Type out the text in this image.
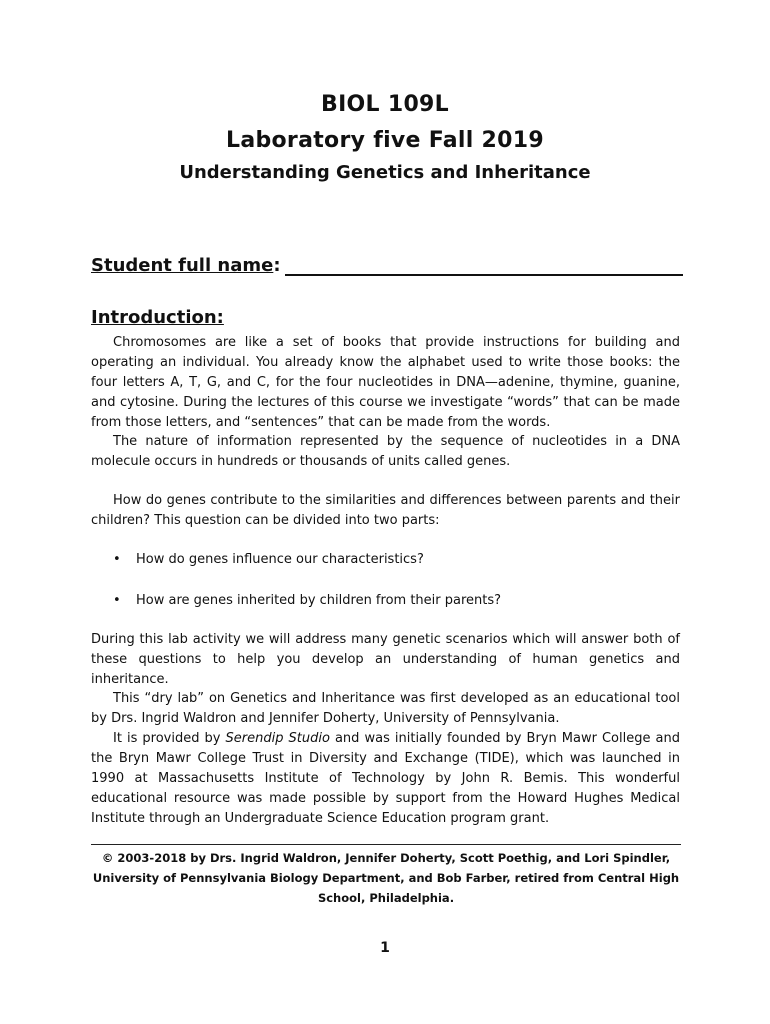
BIOL 109L
Laboratory five Fall 2019
Understanding Genetics and Inheritance
Student full name :
Introduction:

Chromosomes are like a set of books that provide instructions for building and operating an individual. You already know the alphabet used to write those books: the four letters A, T, G, and C, for the four nucleotides in DNA—adenine, thymine, guanine, and cytosine. During the lectures of this course we investigate “words” that can be made from those letters, and “sentences” that can be made from the words.

The nature of information represented by the sequence of nucleotides in a DNA molecule occurs in hundreds or thousands of units called genes.

How do genes contribute to the similarities and differences between parents and their children? This question can be divided into two parts:

• How do genes influence our characteristics?
• How are genes inherited by children from their parents?

During this lab activity we will address many genetic scenarios which will answer both of these questions to help you develop an understanding of human genetics and inheritance.

This “dry lab” on Genetics and Inheritance was first developed as an educational tool by Drs. Ingrid Waldron and Jennifer Doherty, University of Pennsylvania.

It is provided by Serendip Studio and was initially founded by Bryn Mawr College and the Bryn Mawr College Trust in Diversity and Exchange (TIDE), which was launched in 1990 at Massachusetts Institute of Technology by John R. Bemis. This wonderful educational resource was made possible by support from the Howard Hughes Medical Institute through an Undergraduate Science Education program grant.

© 2003-2018 by Drs. Ingrid Waldron, Jennifer Doherty, Scott Poethig, and Lori Spindler, University of Pennsylvania Biology Department, and Bob Farber, retired from Central High School, Philadelphia.
1
